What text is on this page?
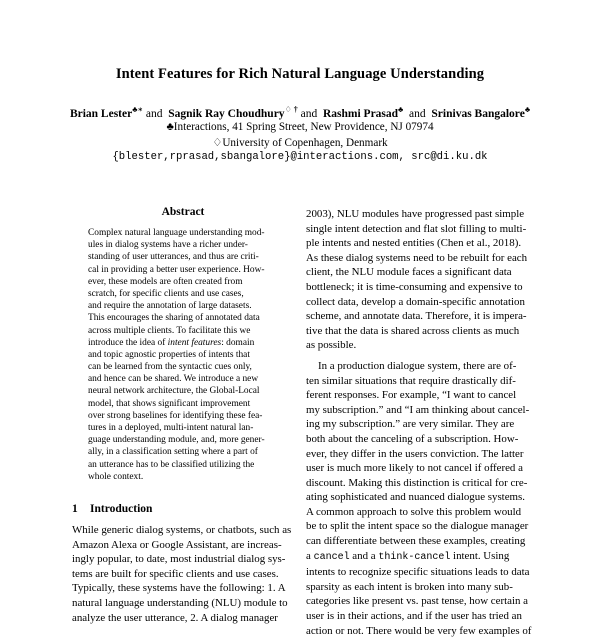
Intent Features for Rich Natural Language Understanding
Brian Lester♣∗ and Sagnik Ray Choudhury♢ † and Rashmi Prasad♣ and Srinivas Bangalore♣
♣Interactions, 41 Spring Street, New Providence, NJ 07974
♢University of Copenhagen, Denmark
{blester,rprasad,sbangalore}@interactions.com, src@di.ku.dk
Abstract
Complex natural language understanding mod-
ules in dialog systems have a richer under-
standing of user utterances, and thus are criti-
cal in providing a better user experience. How-
ever, these models are often created from
scratch, for specific clients and use cases,
and require the annotation of large datasets.
This encourages the sharing of annotated data
across multiple clients. To facilitate this we
introduce the idea of intent features: domain
and topic agnostic properties of intents that
can be learned from the syntactic cues only,
and hence can be shared. We introduce a new
neural network architecture, the Global-Local
model, that shows significant improvement
over strong baselines for identifying these fea-
tures in a deployed, multi-intent natural lan-
guage understanding module, and, more gener-
ally, in a classification setting where a part of
an utterance has to be classified utilizing the
whole context.
1 Introduction
While generic dialog systems, or chatbots, such as
Amazon Alexa or Google Assistant, are increas-
ingly popular, to date, most industrial dialog sys-
tems are built for specific clients and use cases.
Typically, these systems have the following: 1. A
natural language understanding (NLU) module to
analyze the user utterance, 2. A dialog manager
2003), NLU modules have progressed past simple
single intent detection and flat slot filling to multi-
ple intents and nested entities (Chen et al., 2018).
As these dialog systems need to be rebuilt for each
client, the NLU module faces a significant data
bottleneck; it is time-consuming and expensive to
collect data, develop a domain-specific annotation
scheme, and annotate data. Therefore, it is impera-
tive that the data is shared across clients as much
as possible.
In a production dialogue system, there are of-
ten similar situations that require drastically dif-
ferent responses. For example, “I want to cancel
my subscription.” and “I am thinking about cancel-
ing my subscription.” are very similar. They are
both about the canceling of a subscription. How-
ever, they differ in the users conviction. The latter
user is much more likely to not cancel if offered a
discount. Making this distinction is critical for cre-
ating sophisticated and nuanced dialogue systems.
A common approach to solve this problem would
be to split the intent space so the dialogue manager
can differentiate between these examples, creating
a cancel and a think-cancel intent. Using
intents to recognize specific situations leads to data
sparsity as each intent is broken into many sub-
categories like present vs. past tense, how certain a
user is in their actions, and if the user has tried an
action or not. There would be very few examples of
